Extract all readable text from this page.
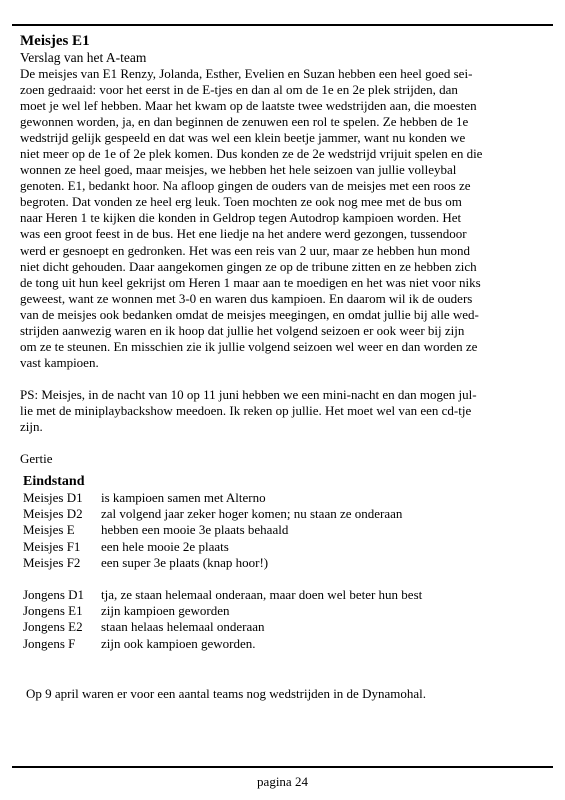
Meisjes E1
Verslag van het A-team
De meisjes van E1 Renzy, Jolanda, Esther, Evelien en Suzan hebben een heel goed sei-
zoen gedraaid: voor het eerst in de E-tjes en dan al om de 1e en 2e plek strijden, dan
moet je wel lef hebben. Maar het kwam op de laatste twee wedstrijden aan, die moesten
gewonnen worden, ja, en dan beginnen de zenuwen een rol te spelen. Ze hebben de 1e
wedstrijd gelijk gespeeld en dat was wel een klein beetje jammer, want nu konden we
niet meer op de 1e of 2e plek komen. Dus konden ze de 2e wedstrijd vrijuit spelen en die
wonnen ze heel goed, maar meisjes, we hebben het hele seizoen van jullie volleybal
genoten. E1, bedankt hoor. Na afloop gingen de ouders van de meisjes met een roos ze
begroten. Dat vonden ze heel erg leuk. Toen mochten ze ook nog mee met de bus om
naar Heren 1 te kijken die konden in Geldrop tegen Autodrop kampioen worden. Het
was een groot feest in de bus. Het ene liedje na het andere werd gezongen, tussendoor
werd er gesnoept en gedronken. Het was een reis van 2 uur, maar ze hebben hun mond
niet dicht gehouden. Daar aangekomen gingen ze op de tribune zitten en ze hebben zich
de tong uit hun keel gekrijst om Heren 1 maar aan te moedigen en het was niet voor niks
geweest, want ze wonnen met 3-0 en waren dus kampioen. En daarom wil ik de ouders
van de meisjes ook bedanken omdat de meisjes meegingen, en omdat jullie bij alle wed-
strijden aanwezig waren en ik hoop dat jullie het volgend seizoen er ook weer bij zijn
om ze te steunen. En misschien zie ik jullie volgend seizoen wel weer en dan worden ze
vast kampioen.
PS: Meisjes, in de nacht van 10 op 11 juni hebben we een mini-nacht en dan mogen jul-
lie met de miniplaybackshow meedoen. Ik reken op jullie. Het moet wel van een cd-tje
zijn.
Gertie
Eindstand
Meisjes D1	is kampioen samen met Alterno
Meisjes D2	zal volgend jaar zeker hoger komen; nu staan ze onderaan
Meisjes E	hebben een mooie 3e plaats behaald
Meisjes F1	een hele mooie 2e plaats
Meisjes F2	een super 3e plaats (knap hoor!)
Jongens D1	tja, ze staan helemaal onderaan, maar doen wel beter hun best
Jongens E1	zijn kampioen geworden
Jongens E2	staan helaas helemaal onderaan
Jongens F	zijn ook kampioen geworden.
Op 9 april waren er voor een aantal teams nog wedstrijden in de Dynamohal.
pagina 24
